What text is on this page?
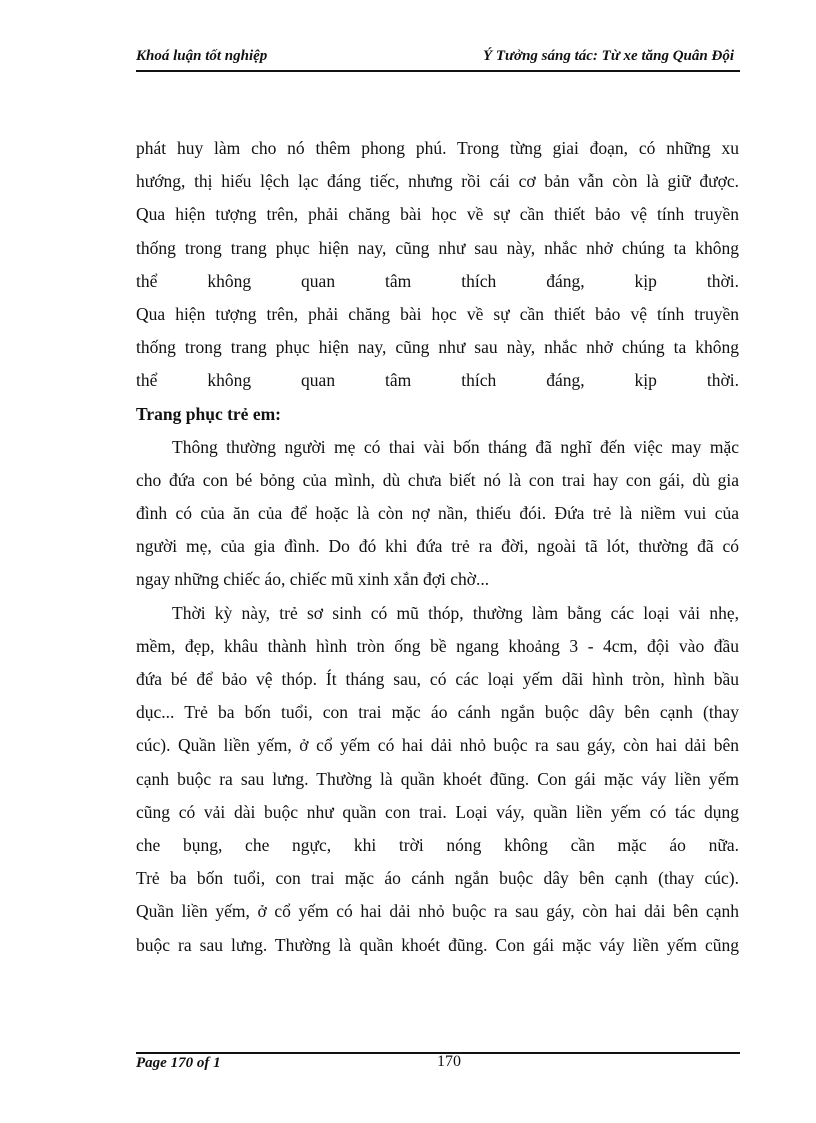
Khoá luận tốt nghiệp	Ý Tưởng sáng tác: Từ xe tăng Quân Đội
phát huy làm cho nó thêm phong phú. Trong từng giai đoạn, có những xu
hướng, thị hiếu lệch lạc đáng tiếc, nhưng rồi cái cơ bản vẫn còn là giữ được.
Qua hiện tượng trên, phải chăng bài học về sự cần thiết bảo vệ tính truyền
thống trong trang phục hiện nay, cũng như sau này, nhắc nhở chúng ta không
thể không quan tâm thích đáng, kịp thời.
Qua hiện tượng trên, phải chăng bài học về sự cần thiết bảo vệ tính truyền
thống trong trang phục hiện nay, cũng như sau này, nhắc nhở chúng ta không
thể không quan tâm thích đáng, kịp thời.
Trang phục trẻ em:
Thông thường người mẹ có thai vài bốn tháng đã nghĩ đến việc may mặc
cho đứa con bé bỏng của mình, dù chưa biết nó là con trai hay con gái, dù gia
đình có của ăn của để hoặc là còn nợ nần, thiếu đói. Đứa trẻ là niềm vui của
người mẹ, của gia đình. Do đó khi đứa trẻ ra đời, ngoài tã lót, thường đã có
ngay những chiếc áo, chiếc mũ xinh xắn đợi chờ...
Thời kỳ này, trẻ sơ sinh có mũ thóp, thường làm bằng các loại vải nhẹ,
mềm, đẹp, khâu thành hình tròn ống bề ngang khoảng 3 - 4cm, đội vào đầu
đứa bé để bảo vệ thóp. Ít tháng sau, có các loại yếm dãi hình tròn, hình bầu
dục... Trẻ ba bốn tuổi, con trai mặc áo cánh ngắn buộc dây bên cạnh (thay
cúc). Quần liền yếm, ở cổ yếm có hai dải nhỏ buộc ra sau gáy, còn hai dải bên
cạnh buộc ra sau lưng. Thường là quần khoét đũng. Con gái mặc váy liền yếm
cũng có vải dài buộc như quần con trai. Loại váy, quần liền yếm có tác dụng
che bụng, che ngực, khi trời nóng không cần mặc áo nữa.
Trẻ ba bốn tuổi, con trai mặc áo cánh ngắn buộc dây bên cạnh (thay cúc).
Quần liền yếm, ở cổ yếm có hai dải nhỏ buộc ra sau gáy, còn hai dải bên cạnh
buộc ra sau lưng. Thường là quần khoét đũng. Con gái mặc váy liền yếm cũng
Page 170 of 1	170
